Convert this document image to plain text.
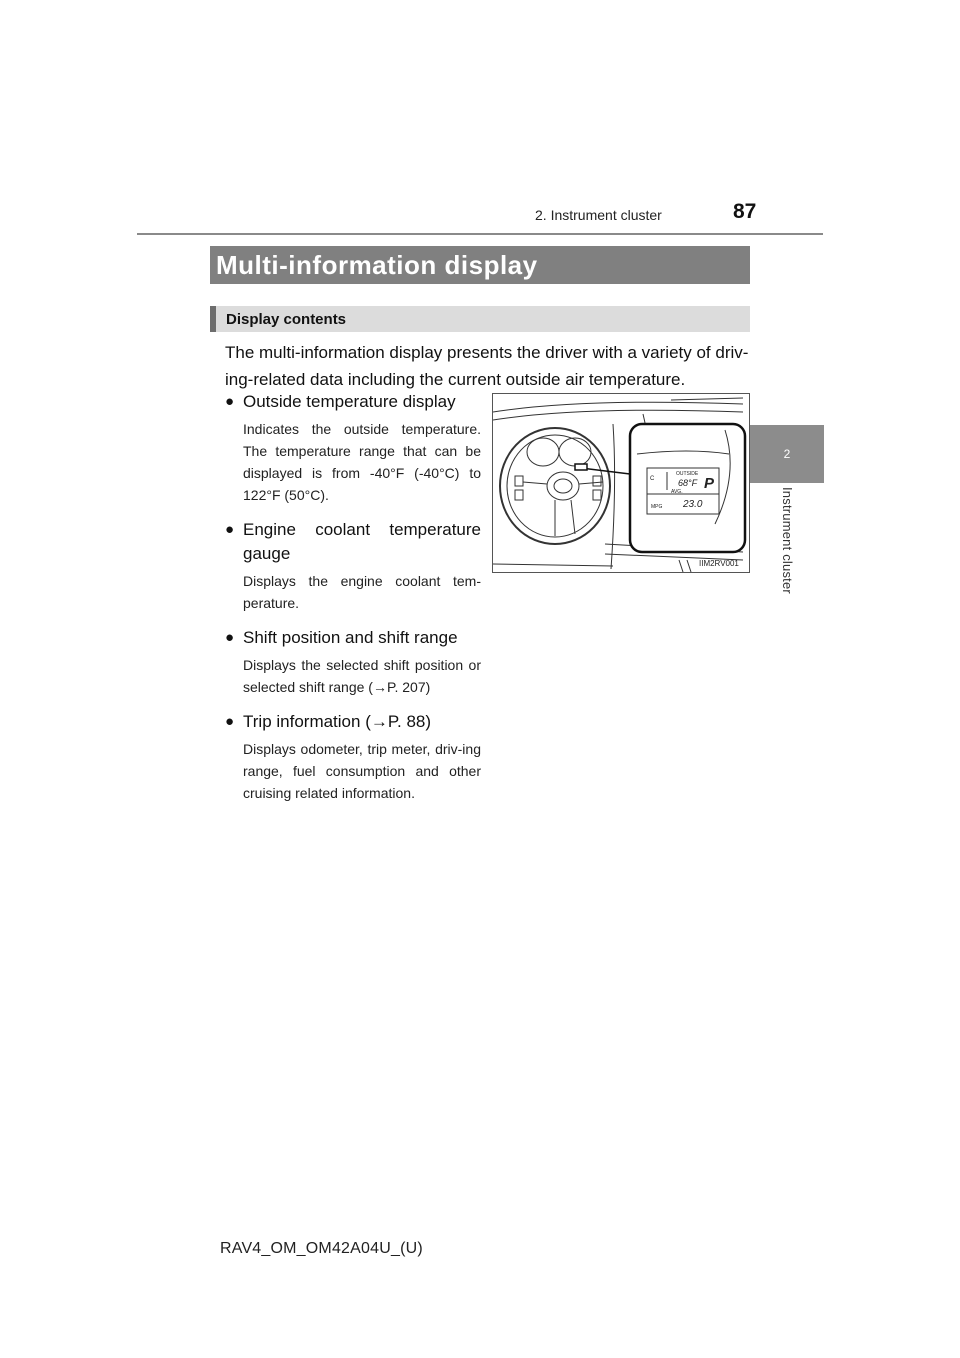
2. Instrument cluster	87
2
Instrument cluster
Multi-information display
Display contents

The multi-information display presents the driver with a variety of driv-

ing-related data including the current outside air temperature.

● Outside temperature display
Indicates the outside temperature. The temperature range that can be displayed is from -40°F (-40°C) to 122°F (50°C).
● Engine coolant temperature gauge
Displays the engine coolant tem-perature.
● Shift position and shift range
Displays the selected shift position or selected shift range (→P. 207)
● Trip information (→P. 88)
Displays odometer, trip meter, driv-ing range, fuel consumption and other cruising related information.
C
OUTSIDE
68°F P
AVG.
MPG 23.0
IIM2RV001
RAV4_OM_OM42A04U_(U)
